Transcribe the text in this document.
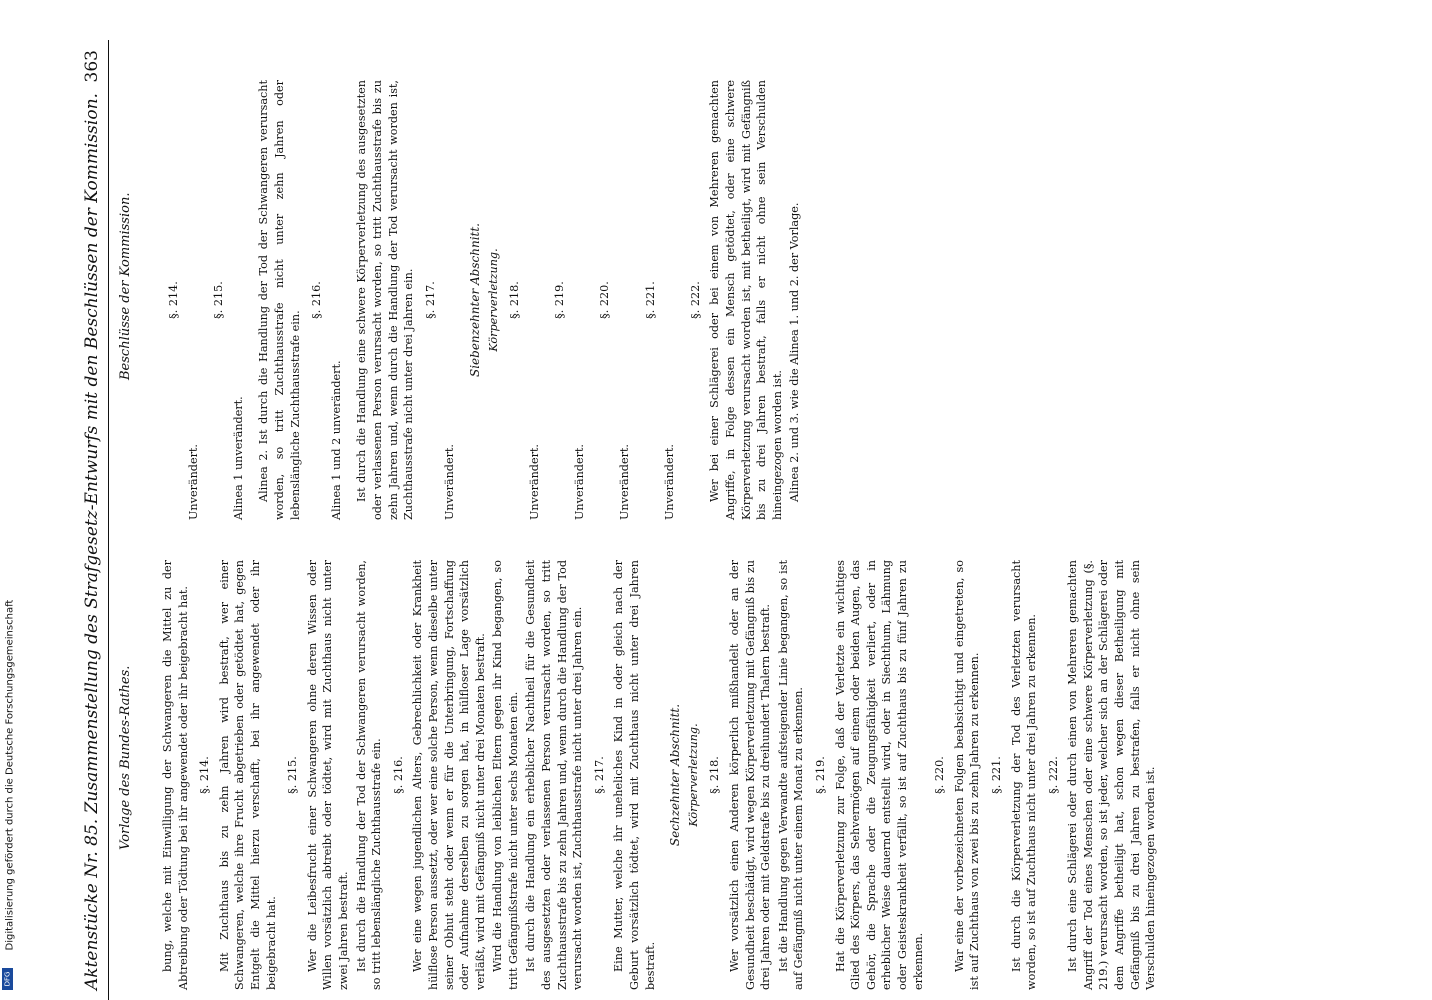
Aktenstücke Nr. 85. Zusammenstellung des Strafgesetz-Entwurfs mit den Beschlüssen der Kommission.
363
Vorlage des Bundes-Rathes.
Beschlüsse der Kommission.

bung, welche mit Einwilligung der Schwangeren die Mittel zu der Abtreibung oder Tödtung bei ihr angewendet oder ihr beigebracht hat. §. 214. Mit Zuchthaus bis zu zehn Jahren wird bestraft, wer einer Schwangeren, welche ihre Frucht abgetrieben oder getödtet hat, gegen Entgelt die Mittel hierzu verschafft, bei ihr angewendet oder ihr beigebracht hat.

§. 215. Wer die Leibesfrucht einer Schwangeren ohne deren Wissen oder Willen vorsätzlich abtreibt oder tödtet, wird mit Zuchthaus nicht unter zwei Jahren bestraft. Ist durch die Handlung der Tod der Schwangeren verursacht worden, so tritt lebenslängliche Zuchthausstrafe ein. §. 216. Wer eine wegen jugendlichen Alters, Gebrechlichkeit oder Krankheit hülflose Person aussetzt, oder wer eine solche Person, wenn dieselbe unter seiner Obhut steht oder wenn er für die Unterbringung, Fortschaffung oder Aufnahme derselben zu sorgen hat, in hülfloser Lage vorsätzlich verläßt, wird mit Gefängniß nicht unter drei Monaten bestraft. Wird die Handlung von leiblichen Eltern gegen ihr Kind begangen, so tritt Gefängnißstrafe nicht unter sechs Monaten ein. Ist durch die Handlung ein erheblicher Nachtheil für die Gesundheit des ausgesetzten oder verlassenen Person verursacht worden, so tritt Zuchthausstrafe bis zu zehn Jahren und, wenn durch die Handlung der Tod verursacht worden ist, Zuchthausstrafe nicht unter drei Jahren ein. §. 217. Eine Mutter, welche ihr uneheliches Kind in oder gleich nach der Geburt vorsätzlich tödtet, wird mit Zuchthaus nicht unter drei Jahren bestraft.

Sechzehnter Abschnitt. Körperverletzung. §. 218. Wer vorsätzlich einen Anderen körperlich mißhandelt oder an der Gesundheit beschädigt, wird wegen Körperverletzung mit Gefängniß bis zu drei Jahren oder mit Geldstrafe bis zu dreihundert Thalern bestraft. Ist die Handlung gegen Verwandte aufsteigender Linie begangen, so ist auf Gefängniß nicht unter einem Monat zu erkennen. §. 219. Hat die Körperverletzung zur Folge, daß der Verletzte ein wichtiges Glied des Körpers, das Sehvermögen auf einem oder beiden Augen, das Gehör, die Sprache oder die Zeugungsfähigkeit verliert, oder in erheblicher Weise dauernd entstellt wird, oder in Siechthum, Lähmung oder Geisteskrankheit verfällt, so ist auf Zuchthaus bis zu fünf Jahren zu erkennen.

§. 220. War eine der vorbezeichneten Folgen beabsichtigt und eingetreten, so ist auf Zuchthaus von zwei bis zu zehn Jahren zu erkennen. §. 221. Ist durch die Körperverletzung der Tod des Verletzten verursacht worden, so ist auf Zuchthaus nicht unter drei Jahren zu erkennen. §. 222. Ist durch eine Schlägerei oder durch einen von Mehreren gemachten Angriff der Tod eines Menschen oder eine schwere Körperverletzung (§. 219.) verursacht worden, so ist jeder, welcher sich an der Schlägerei oder dem Angriffe betheiligt hat, schon wegen dieser Betheiligung mit Gefängniß bis zu drei Jahren zu bestrafen, falls er nicht ohne sein Verschulden hineingezogen worden ist.

§. 214.

Unverändert.

§. 215.

Alinea 1 unverändert. Alinea 2. Ist durch die Handlung der Tod der Schwangeren verursacht worden, so tritt Zuchthausstrafe nicht unter zehn Jahren oder lebenslängliche Zuchthausstrafe ein.

§. 216.

Alinea 1 und 2 unverändert. Ist durch die Handlung eine schwere Körperverletzung des ausgesetzten oder verlassenen Person verursacht worden, so tritt Zuchthausstrafe bis zu zehn Jahren und, wenn durch die Handlung der Tod verursacht worden ist, Zuchthausstrafe nicht unter drei Jahren ein. §. 217.

Unverändert.

Siebenzehnter Abschnitt. Körperverletzung. §. 218.

Unverändert.

§. 219.

Unverändert.

§. 220.

Unverändert.

§. 221.

Unverändert.

§. 222. Wer bei einer Schlägerei oder bei einem von Mehreren gemachten Angriffe, in Folge dessen ein Mensch getödtet, oder eine schwere Körperverletzung verursacht worden ist, mit betheiligt, wird mit Gefängniß bis zu drei Jahren bestraft, falls er nicht ohne sein Verschulden hineingezogen worden ist. Alinea 2. und 3. wie die Alinea 1. und 2. der Vorlage.

Digitalisierung gefördert durch die Deutsche Forschungsgemeinschaft
DFG
